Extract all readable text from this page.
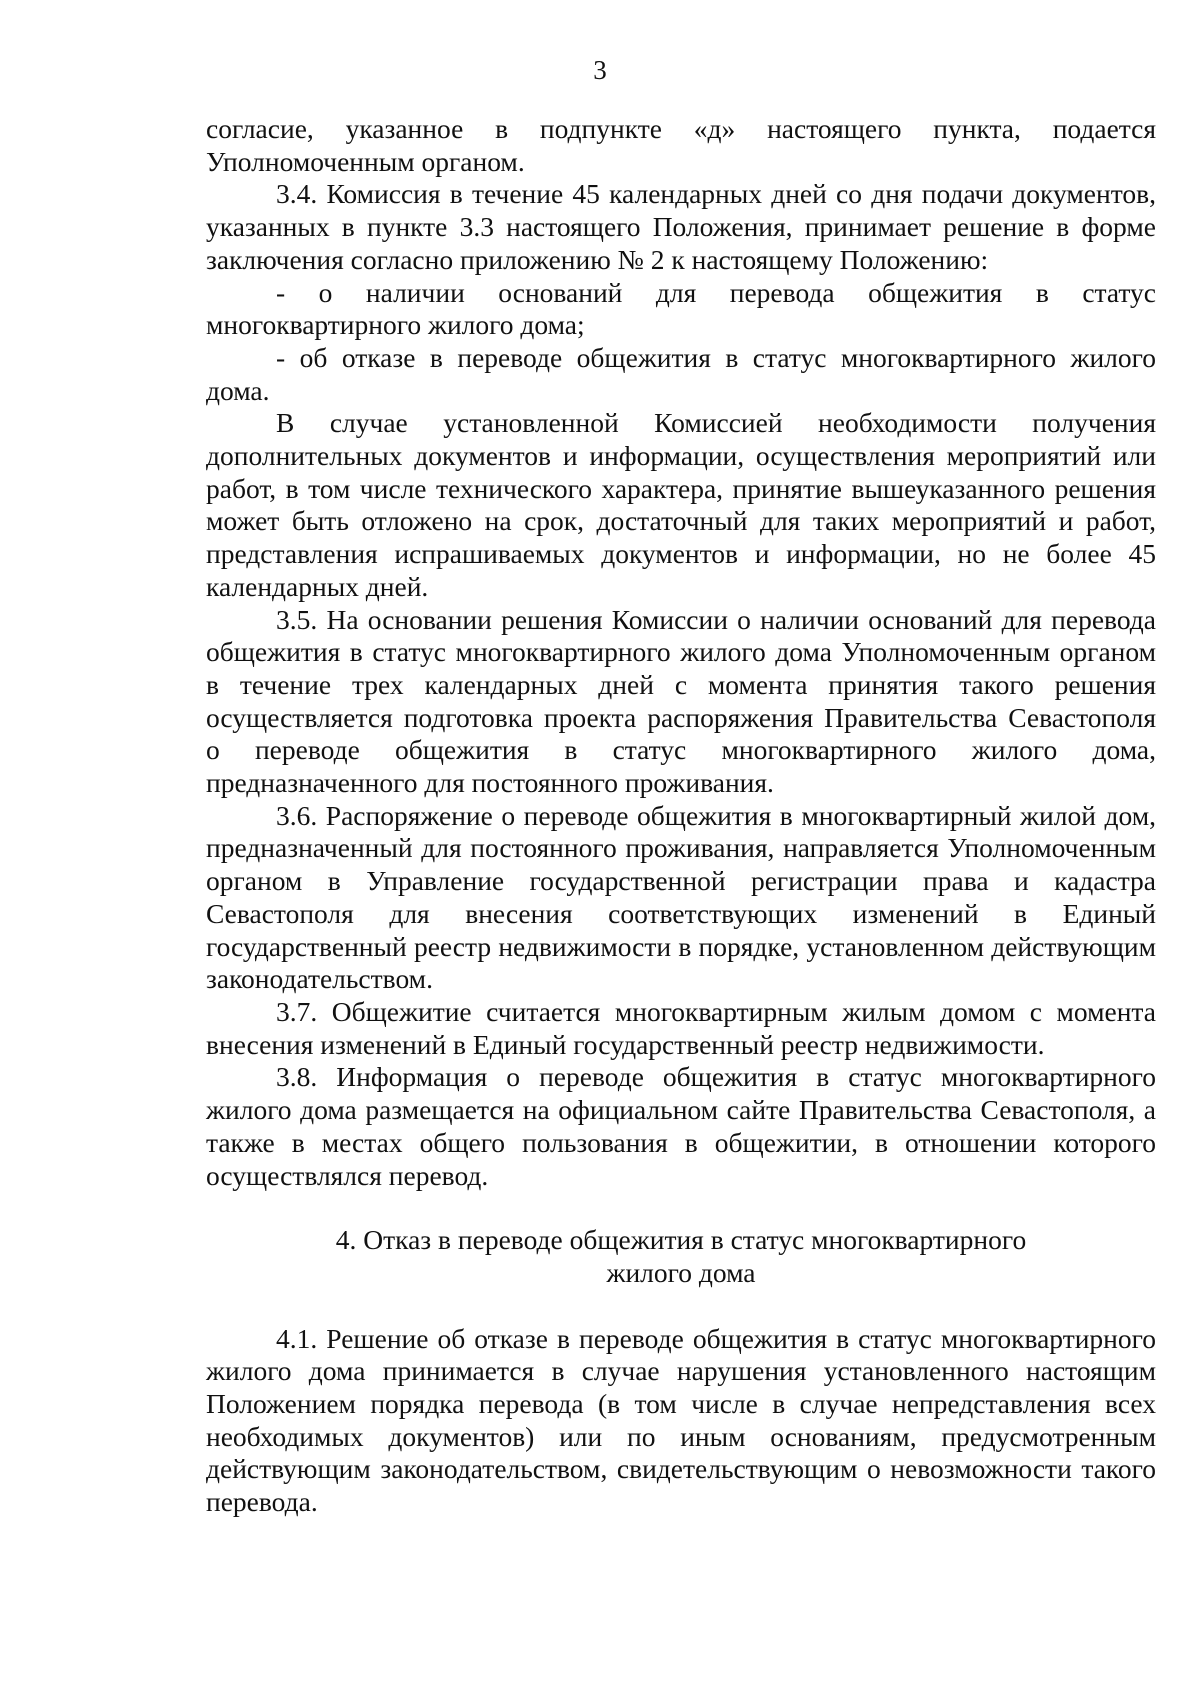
3

согласие, указанное в подпункте «д» настоящего пункта, подается Уполномоченным органом.

3.4. Комиссия в течение 45 календарных дней со дня подачи документов, указанных в пункте 3.3 настоящего Положения, принимает решение в форме заключения согласно приложению № 2 к настоящему Положению:

- о наличии оснований для перевода общежития в статус многоквартирного жилого дома;

- об отказе в переводе общежития в статус многоквартирного жилого дома.

В случае установленной Комиссией необходимости получения дополнительных документов и информации, осуществления мероприятий или работ, в том числе технического характера, принятие вышеуказанного решения может быть отложено на срок, достаточный для таких мероприятий и работ, представления испрашиваемых документов и информации, но не более 45 календарных дней.

3.5. На основании решения Комиссии о наличии оснований для перевода общежития в статус многоквартирного жилого дома Уполномоченным органом в течение трех календарных дней с момента принятия такого решения осуществляется подготовка проекта распоряжения Правительства Севастополя о переводе общежития в статус многоквартирного жилого дома, предназначенного для постоянного проживания.

3.6. Распоряжение о переводе общежития в многоквартирный жилой дом, предназначенный для постоянного проживания, направляется Уполномоченным органом в Управление государственной регистрации права и кадастра Севастополя для внесения соответствующих изменений в Единый государственный реестр недвижимости в порядке, установленном действующим законодательством.

3.7. Общежитие считается многоквартирным жилым домом с момента внесения изменений в Единый государственный реестр недвижимости.

3.8. Информация о переводе общежития в статус многоквартирного жилого дома размещается на официальном сайте Правительства Севастополя, а также в местах общего пользования в общежитии, в отношении которого осуществлялся перевод.

4. Отказ в переводе общежития в статус многоквартирного жилого дома

4.1. Решение об отказе в переводе общежития в статус многоквартирного жилого дома принимается в случае нарушения установленного настоящим Положением порядка перевода (в том числе в случае непредставления всех необходимых документов) или по иным основаниям, предусмотренным действующим законодательством, свидетельствующим о невозможности такого перевода.
